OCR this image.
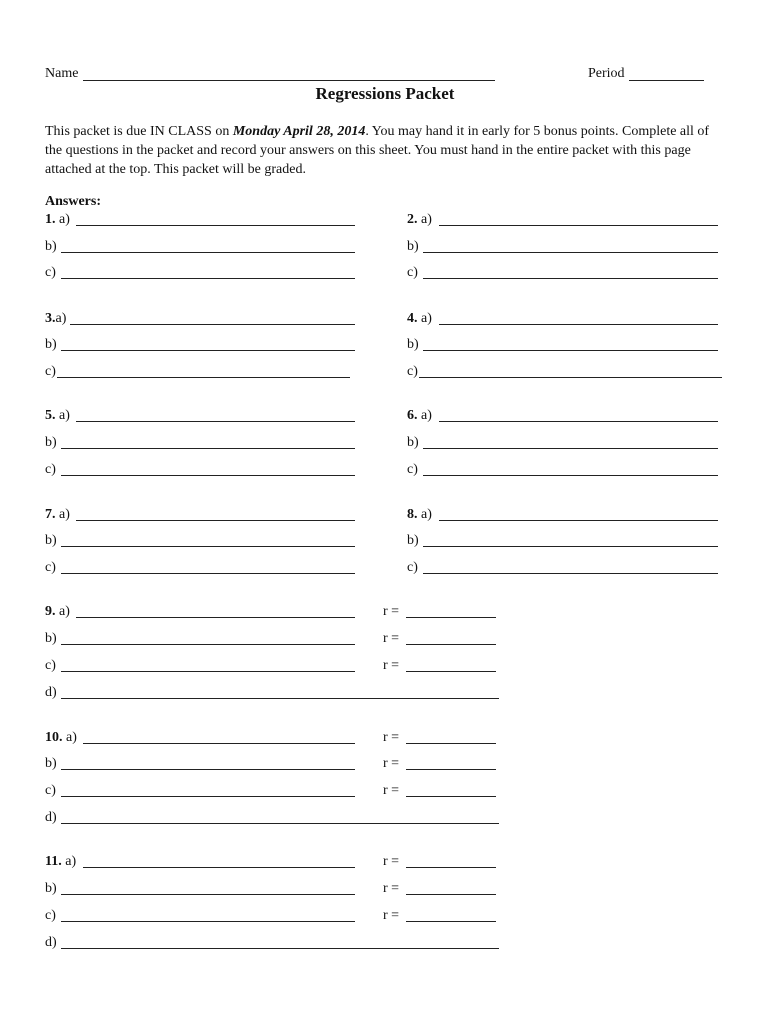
Name	Period
Regressions Packet
This packet is due IN CLASS on Monday April 28, 2014. You may hand it in early for 5 bonus points. Complete all of the questions in the packet and record your answers on this sheet. You must hand in the entire packet with this page attached at the top. This packet will be graded.
Answers:
1. a)
b)
c)
2. a)
b)
c)
3.a)
b)
c)
4. a)
b)
c)
5. a)
b)
c)
6. a)
b)
c)
7. a)
b)
c)
8. a)
b)
c)
9. a)	r =
b)	r =
c)	r =
d)
10. a)	r =
b)	r =
c)	r =
d)
11. a)	r =
b)	r =
c)	r =
d)
